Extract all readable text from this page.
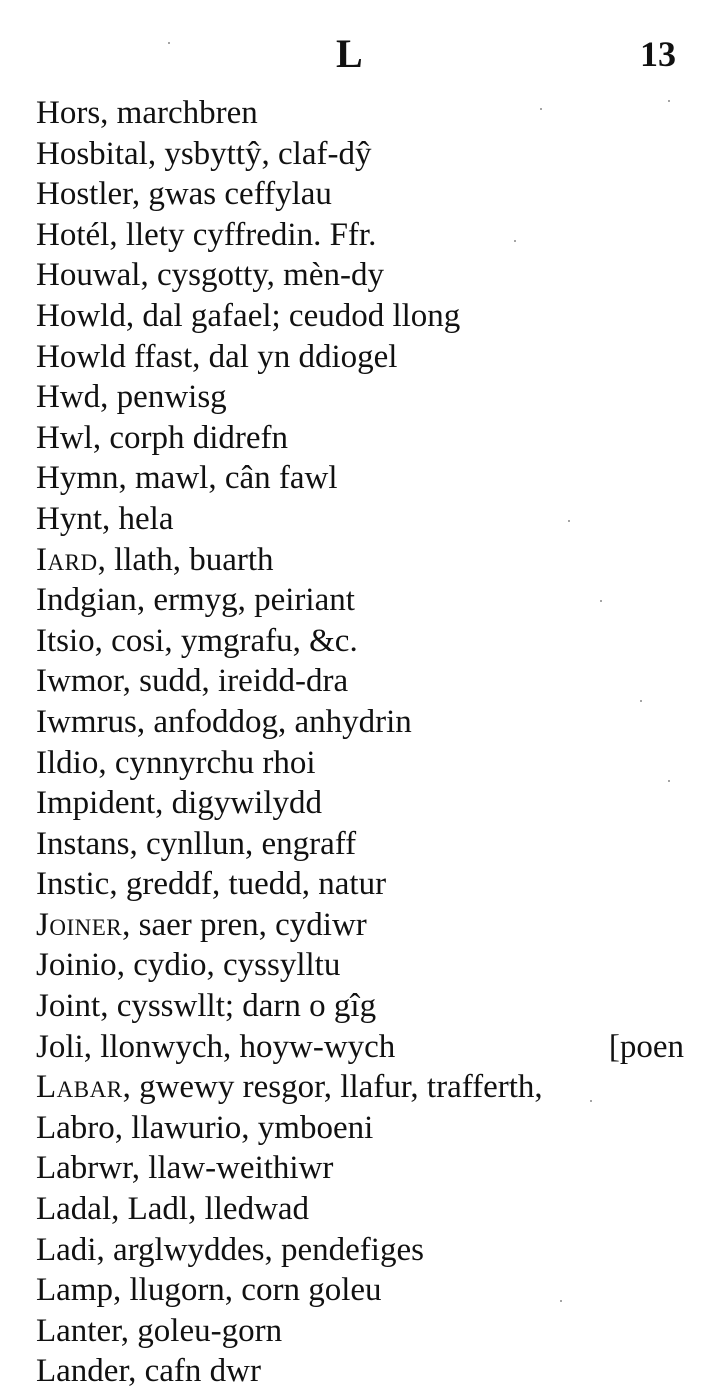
L	13
Hors, marchbren
Hosbital, ysbyttŷ, claf-dŷ
Hostler, gwas ceffylau
Hotél, llety cyffredin. Ffr.
Houwal, cysgotty, mèn-dy
Howld, dal gafael; ceudod llong
Howld ffast, dal yn ddiogel
Hwd, penwisg
Hwl, corph didrefn
Hymn, mawl, cân fawl
Hynt, hela
Iard, llath, buarth
Indgian, ermyg, peiriant
Itsio, cosi, ymgrafu, &c.
Iwmor, sudd, ireidd-dra
Iwmrus, anfoddog, anhydrin
Ildio, cynnyrchu rhoi
Impident, digywilydd
Instans, cynllun, engraff
Instic, greddf, tuedd, natur
Joiner, saer pren, cydiwr
Joinio, cydio, cyssylltu
Joint, cysswllt; darn o gîg
Joli, llonwych, hoyw-wych	[poen
Labar, gwewy resgor, llafur, trafferth,
Labro, llawurio, ymboeni
Labrwr, llaw-weithiwr
Ladal, Ladl, lledwad
Ladi, arglwyddes, pendefiges
Lamp, llugorn, corn goleu
Lanter, goleu-gorn
Lander, cafn dwr
